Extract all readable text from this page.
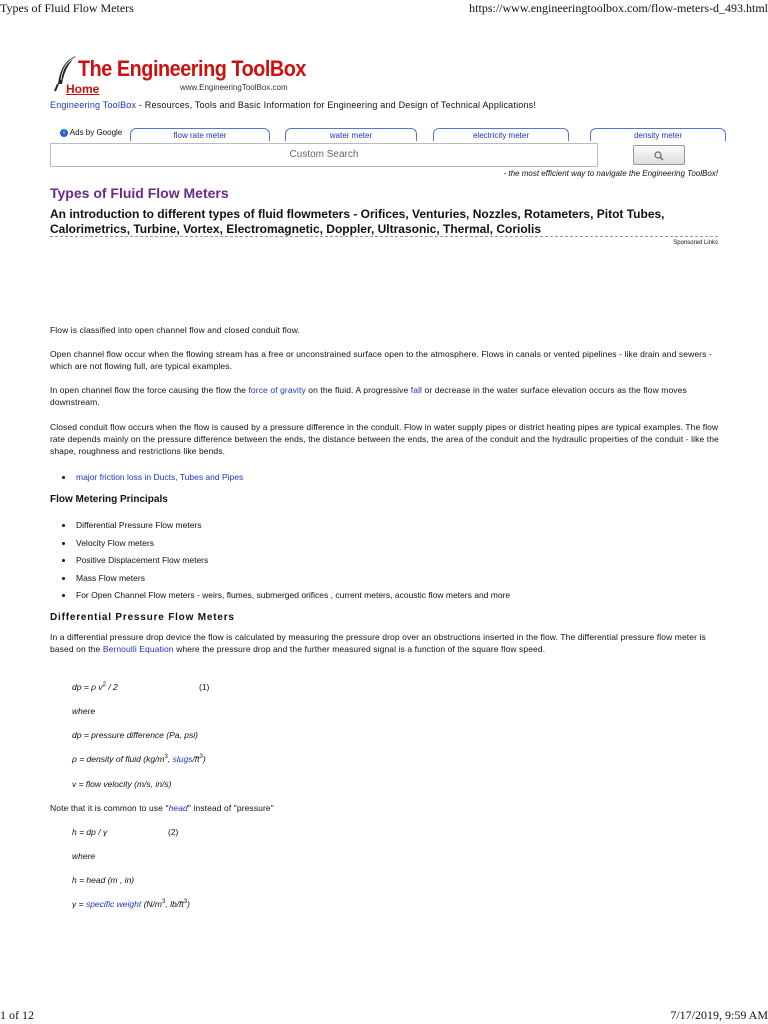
Types of Fluid Flow Meters	https://www.engineeringtoolbox.com/flow-meters-d_493.html
The Engineering ToolBox
Home	www.EngineeringToolBox.com
Engineering ToolBox - Resources, Tools and Basic Information for Engineering and Design of Technical Applications!
i Ads by Google	flow rate meter	water meter	electricity meter	density meter
Custom Search
- the most efficient way to navigate the Engineering ToolBox!
Types of Fluid Flow Meters
An introduction to different types of fluid flowmeters - Orifices, Venturies, Nozzles, Rotameters, Pitot Tubes, Calorimetrics, Turbine, Vortex, Electromagnetic, Doppler, Ultrasonic, Thermal, Coriolis
Sponsored Links
Flow is classified into open channel flow and closed conduit flow.
Open channel flow occur when the flowing stream has a free or unconstrained surface open to the atmosphere. Flows in canals or vented pipelines - like drain and sewers - which are not flowing full, are typical examples.
In open channel flow the force causing the flow the force of gravity on the fluid. A progressive fall or decrease in the water surface elevation occurs as the flow moves downstream.
Closed conduit flow occurs when the flow is caused by a pressure difference in the conduit. Flow in water supply pipes or district heating pipes are typical examples. The flow rate depends mainly on the pressure difference between the ends, the distance between the ends, the area of the conduit and the hydraulic properties of the conduit - like the shape, roughness and restrictions like bends.
• major friction loss in Ducts, Tubes and Pipes
Flow Metering Principals
• Differential Pressure Flow meters
• Velocity Flow meters
• Positive Displacement Flow meters
• Mass Flow meters
• For Open Channel Flow meters - weirs, flumes, submerged orifices , current meters, acoustic flow meters and more
Differential Pressure Flow Meters
In a differential pressure drop device the flow is calculated by measuring the pressure drop over an obstructions inserted in the flow. The differential pressure flow meter is based on the Bernoulli Equation where the pressure drop and the further measured signal is a function of the square flow speed.
dp = ρ $v^2 / 2$	(1)
where
dp = pressure difference (Pa, psi)
ρ = density of fluid ($kg/m^3$, slugs/$ft^3$)
v = flow velocity (m/s, in/s)
Note that it is common to use "head" instead of "pressure"
h = dp / γ	(2)
where
h = head (m , in)
γ = specific weight ($N/m^3$, $lb/ft^3$)
1 of 12	7/17/2019, 9:59 AM
